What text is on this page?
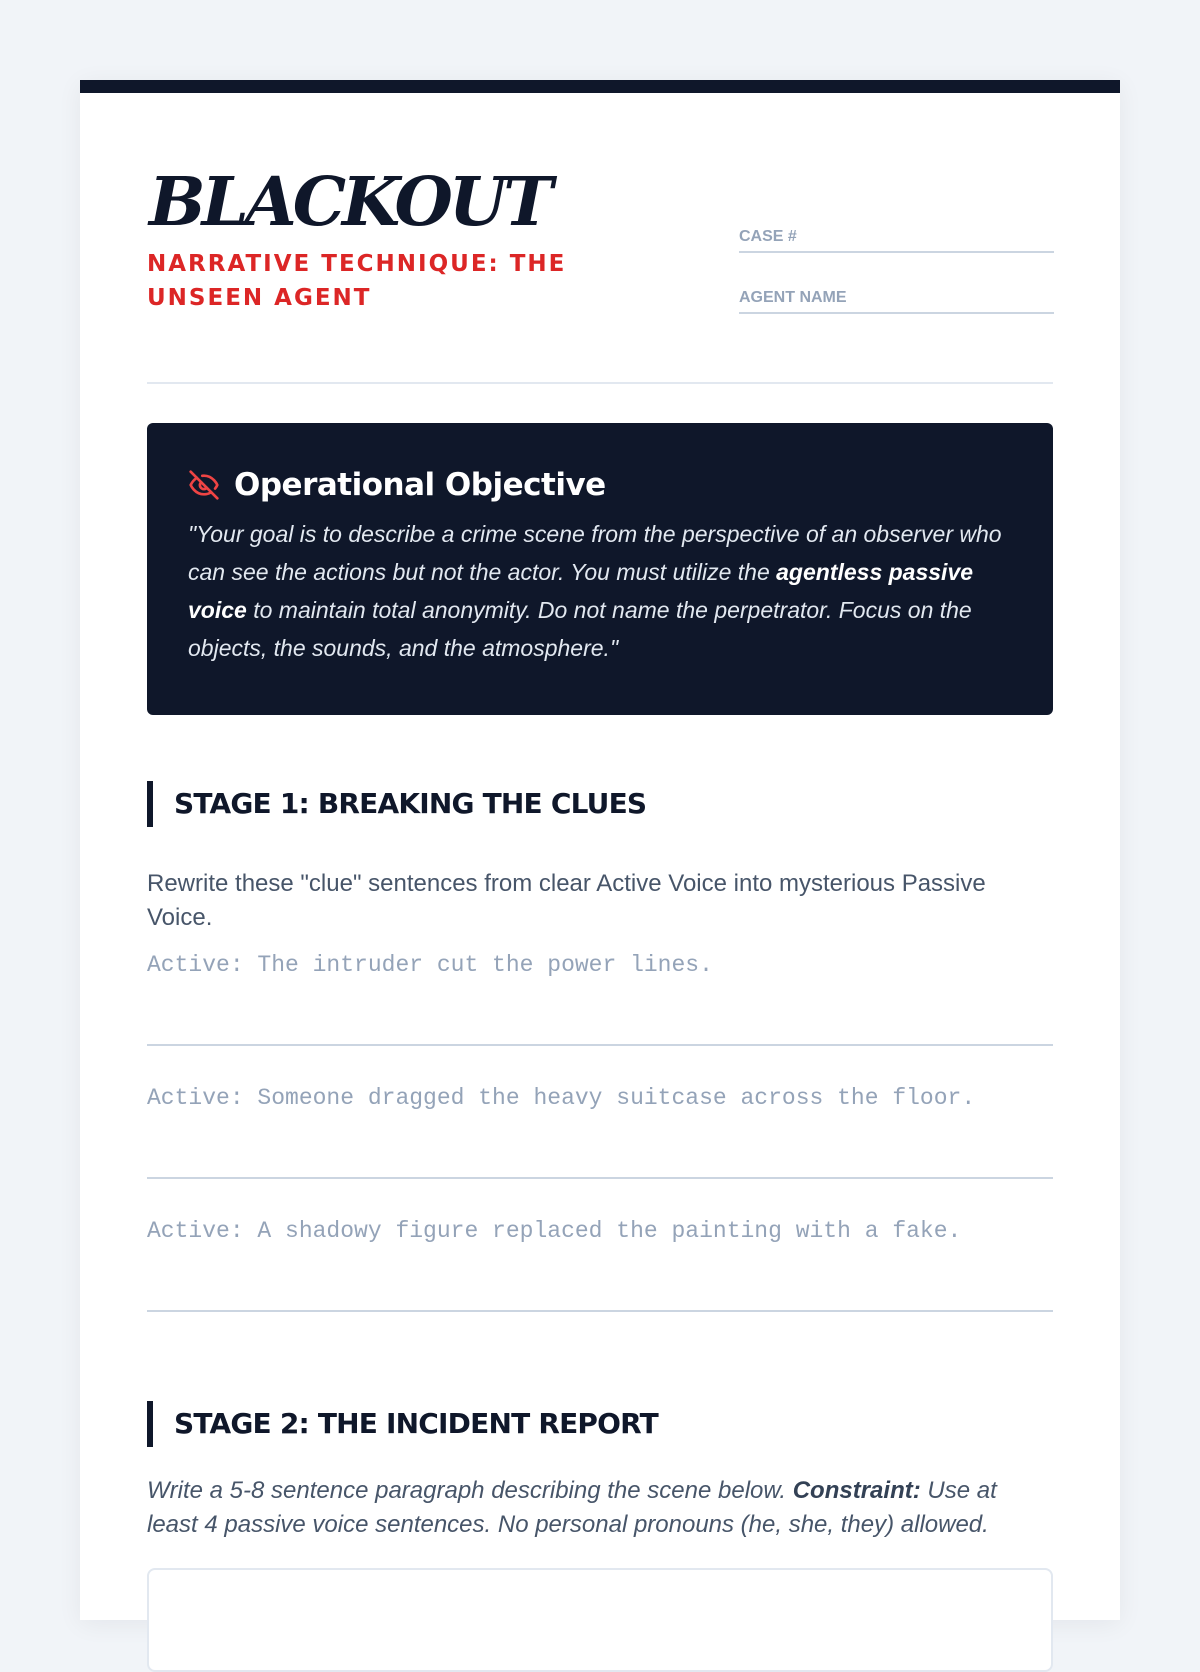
BLACKOUT
NARRATIVE TECHNIQUE: THE UNSEEN AGENT
CASE #
AGENT NAME
Operational Objective
"Your goal is to describe a crime scene from the perspective of an observer who can see the actions but not the actor. You must utilize the agentless passive voice to maintain total anonymity. Do not name the perpetrator. Focus on the objects, the sounds, and the atmosphere."
STAGE 1: BREAKING THE CLUES

Rewrite these "clue" sentences from clear Active Voice into mysterious Passive Voice.

Active: The intruder cut the power lines.
Active: Someone dragged the heavy suitcase across the floor.
Active: A shadowy figure replaced the painting with a fake.
STAGE 2: THE INCIDENT REPORT

Write a 5-8 sentence paragraph describing the scene below. Constraint: Use at least 4 passive voice sentences. No personal pronouns (he, she, they) allowed.
